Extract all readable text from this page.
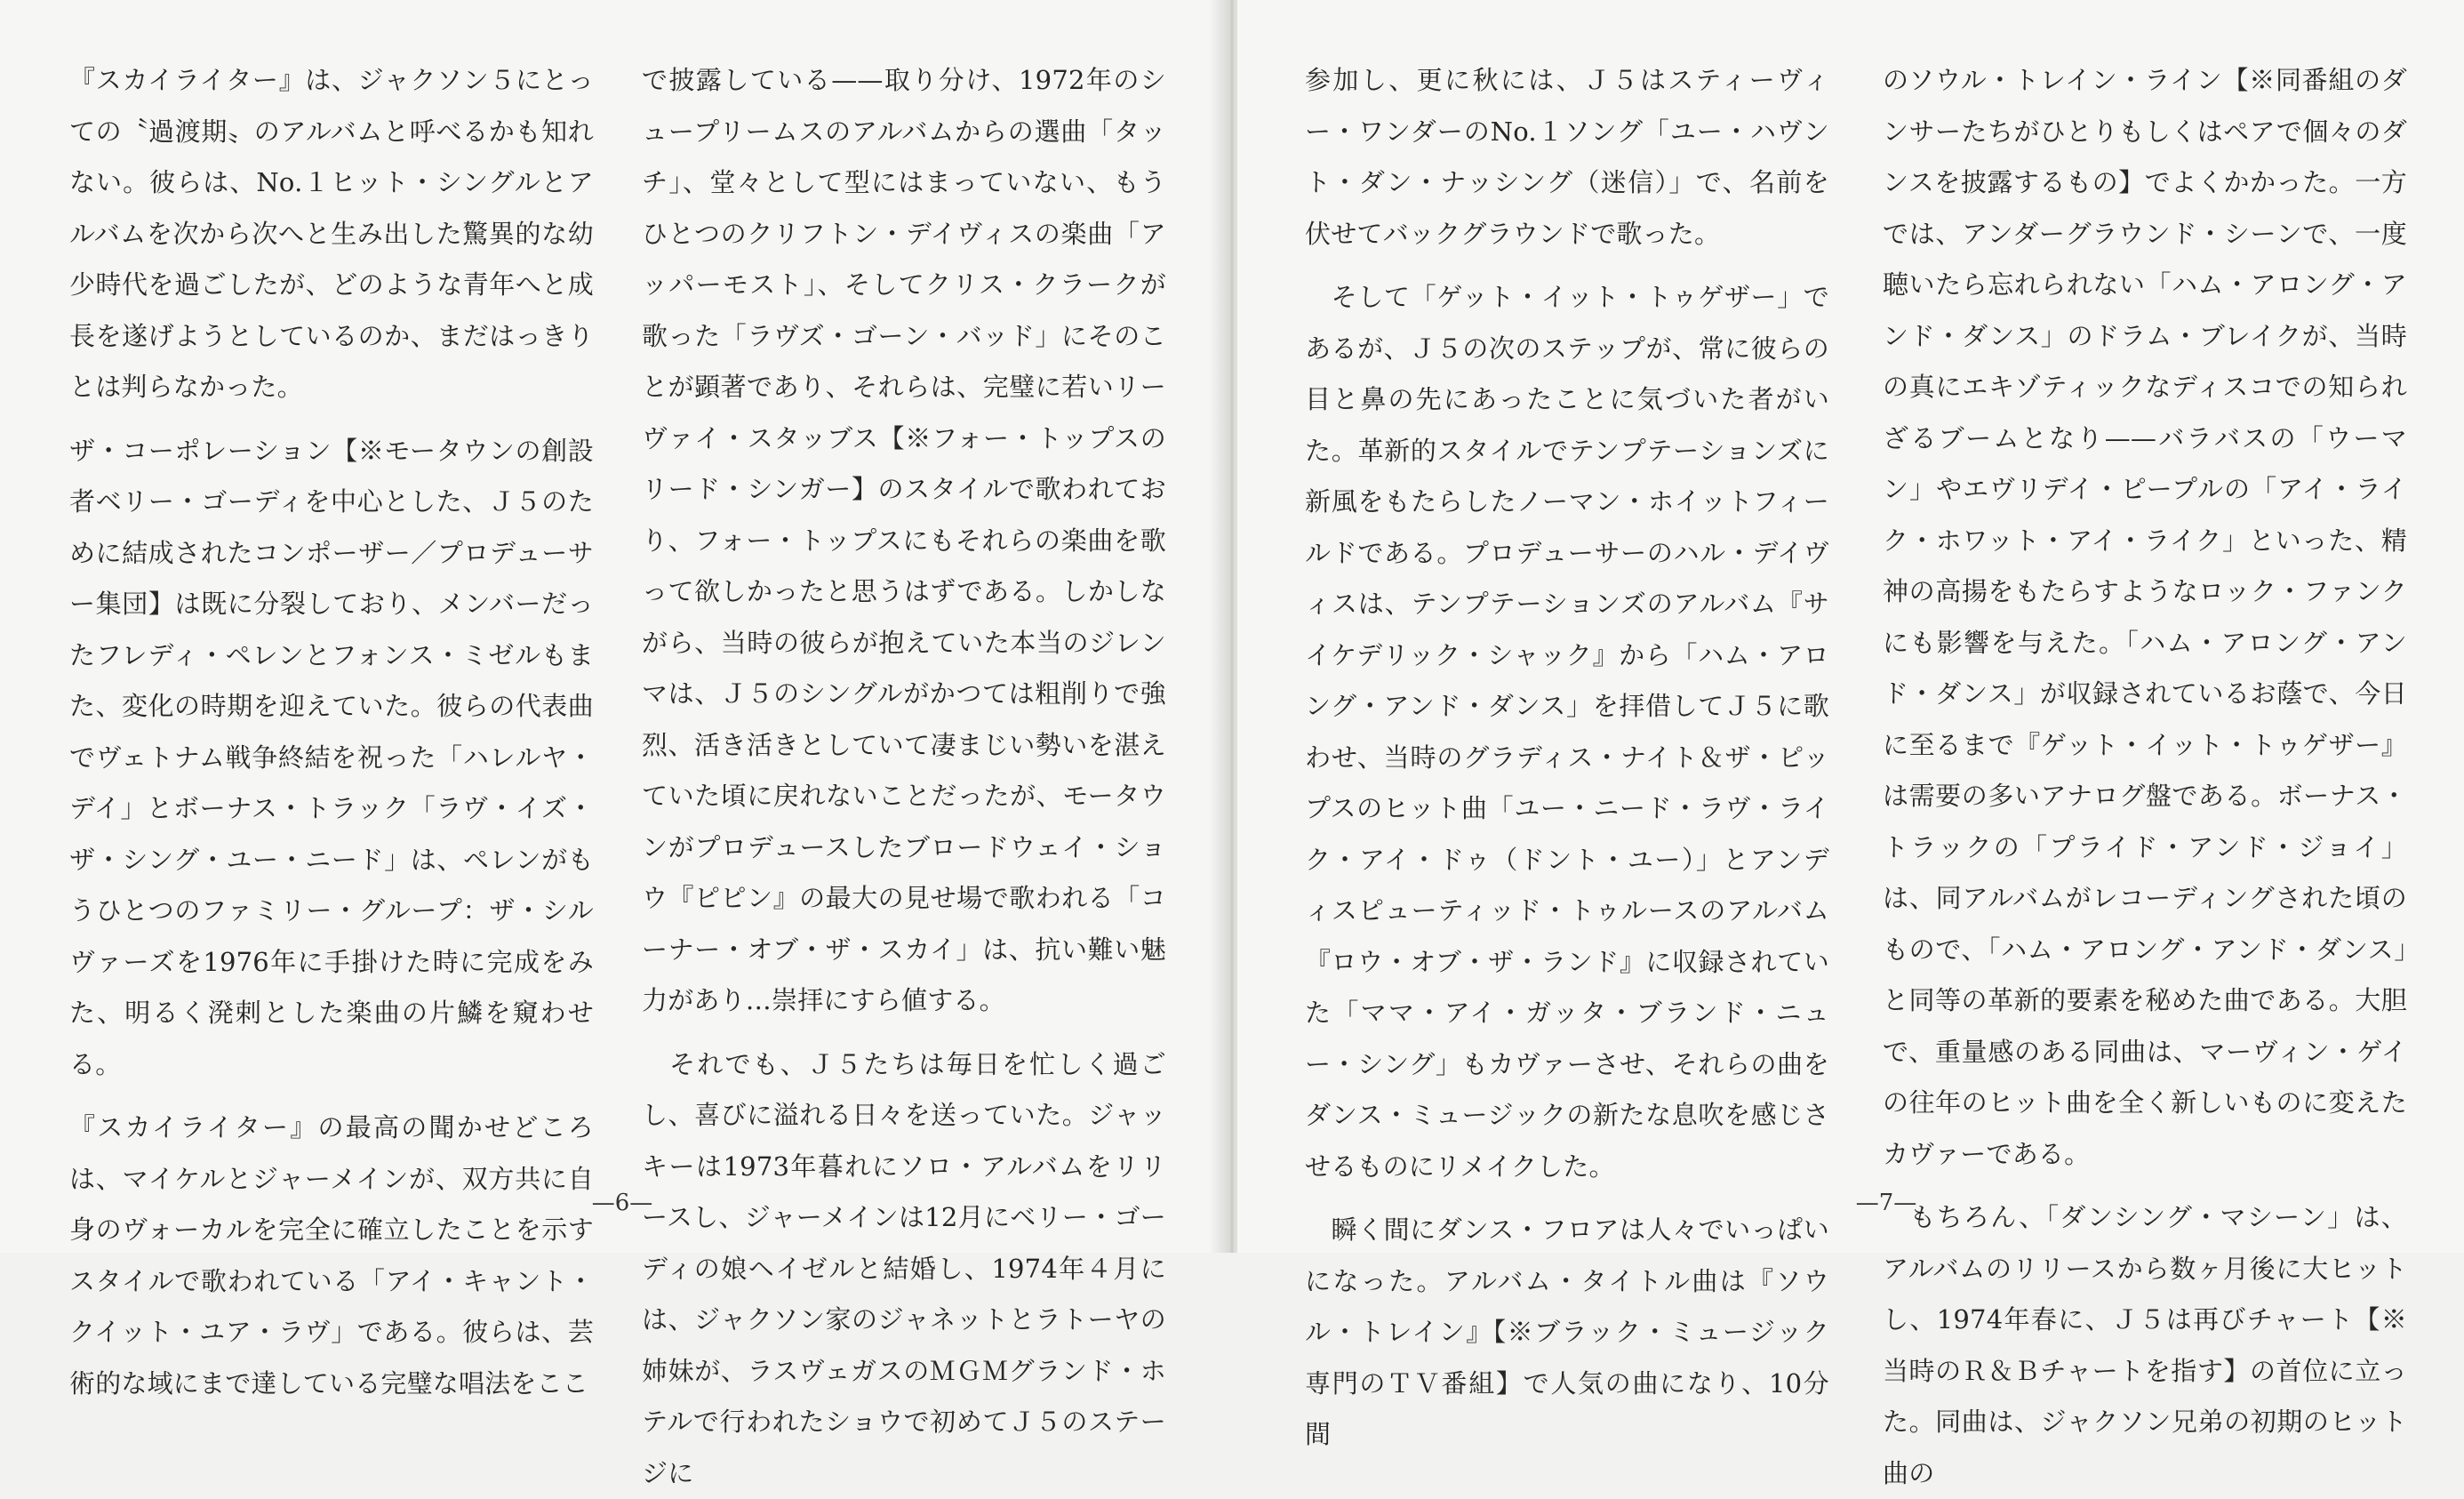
『スカイライター』は、ジャクソン５にとっての〝過渡期〟のアルバムと呼べるかも知れない。彼らは、No.１ヒット・シングルとアルバムを次から次へと生み出した驚異的な幼少時代を過ごしたが、どのような青年へと成長を遂げようとしているのか、まだはっきりとは判らなかった。

ザ・コーポレーション【※モータウンの創設者ベリー・ゴーディを中心とした、Ｊ５のために結成されたコンポーザー／プロデューサー集団】は既に分裂しており、メンバーだったフレディ・ペレンとフォンス・ミゼルもまた、変化の時期を迎えていた。彼らの代表曲でヴェトナム戦争終結を祝った「ハレルヤ・デイ」とボーナス・トラック「ラヴ・イズ・ザ・シング・ユー・ニード」は、ペレンがもうひとつのファミリー・グループ：ザ・シルヴァーズを1976年に手掛けた時に完成をみた、明るく溌剌とした楽曲の片鱗を窺わせる。

『スカイライター』の最高の聞かせどころは、マイケルとジャーメインが、双方共に自身のヴォーカルを完全に確立したことを示すスタイルで歌われている「アイ・キャント・クイット・ユア・ラヴ」である。彼らは、芸術的な域にまで達している完璧な唱法をここ

で披露している——取り分け、1972年のシュープリームスのアルバムからの選曲「タッチ」、堂々として型にはまっていない、もうひとつのクリフトン・デイヴィスの楽曲「アッパーモスト」、そしてクリス・クラークが歌った「ラヴズ・ゴーン・バッド」にそのことが顕著であり、それらは、完璧に若いリーヴァイ・スタッブス【※フォー・トップスのリード・シンガー】のスタイルで歌われており、フォー・トップスにもそれらの楽曲を歌って欲しかったと思うはずである。しかしながら、当時の彼らが抱えていた本当のジレンマは、Ｊ５のシングルがかつては粗削りで強烈、活き活きとしていて凄まじい勢いを湛えていた頃に戻れないことだったが、モータウンがプロデュースしたブロードウェイ・ショウ『ピピン』の最大の見せ場で歌われる「コーナー・オブ・ザ・スカイ」は、抗い難い魅力があり…崇拝にすら値する。

　それでも、Ｊ５たちは毎日を忙しく過ごし、喜びに溢れる日々を送っていた。ジャッキーは1973年暮れにソロ・アルバムをリリースし、ジャーメインは12月にベリー・ゴーディの娘ヘイゼルと結婚し、1974年４月には、ジャクソン家のジャネットとラトーヤの姉妹が、ラスヴェガスのＭＧＭグランド・ホテルで行われたショウで初めてＪ５のステージに

—6—

参加し、更に秋には、Ｊ５はスティーヴィー・ワンダーのNo.１ソング「ユー・ハヴント・ダン・ナッシング（迷信）」で、名前を伏せてバックグラウンドで歌った。

　そして「ゲット・イット・トゥゲザー」であるが、Ｊ５の次のステップが、常に彼らの目と鼻の先にあったことに気づいた者がいた。革新的スタイルでテンプテーションズに新風をもたらしたノーマン・ホイットフィールドである。プロデューサーのハル・デイヴィスは、テンプテーションズのアルバム『サイケデリック・シャック』から「ハム・アロング・アンド・ダンス」を拝借してＪ５に歌わせ、当時のグラディス・ナイト＆ザ・ピップスのヒット曲「ユー・ニード・ラヴ・ライク・アイ・ドゥ（ドント・ユー）」とアンディスピューティッド・トゥルースのアルバム『ロウ・オブ・ザ・ランド』に収録されていた「ママ・アイ・ガッタ・ブランド・ニュー・シング」もカヴァーさせ、それらの曲をダンス・ミュージックの新たな息吹を感じさせるものにリメイクした。

　瞬く間にダンス・フロアは人々でいっぱいになった。アルバム・タイトル曲は『ソウル・トレイン』【※ブラック・ミュージック専門のＴＶ番組】で人気の曲になり、10分間

のソウル・トレイン・ライン【※同番組のダンサーたちがひとりもしくはペアで個々のダンスを披露するもの】でよくかかった。一方では、アンダーグラウンド・シーンで、一度聴いたら忘れられない「ハム・アロング・アンド・ダンス」のドラム・ブレイクが、当時の真にエキゾティックなディスコでの知られざるブームとなり——バラバスの「ウーマン」やエヴリデイ・ピープルの「アイ・ライク・ホワット・アイ・ライク」といった、精神の高揚をもたらすようなロック・ファンクにも影響を与えた。「ハム・アロング・アンド・ダンス」が収録されているお蔭で、今日に至るまで『ゲット・イット・トゥゲザー』は需要の多いアナログ盤である。ボーナス・トラックの「プライド・アンド・ジョイ」は、同アルバムがレコーディングされた頃のもので、「ハム・アロング・アンド・ダンス」と同等の革新的要素を秘めた曲である。大胆で、重量感のある同曲は、マーヴィン・ゲイの往年のヒット曲を全く新しいものに変えたカヴァーである。

　もちろん、「ダンシング・マシーン」は、アルバムのリリースから数ヶ月後に大ヒットし、1974年春に、Ｊ５は再びチャート【※当時のＲ＆Ｂチャートを指す】の首位に立った。同曲は、ジャクソン兄弟の初期のヒット曲の

—7—
